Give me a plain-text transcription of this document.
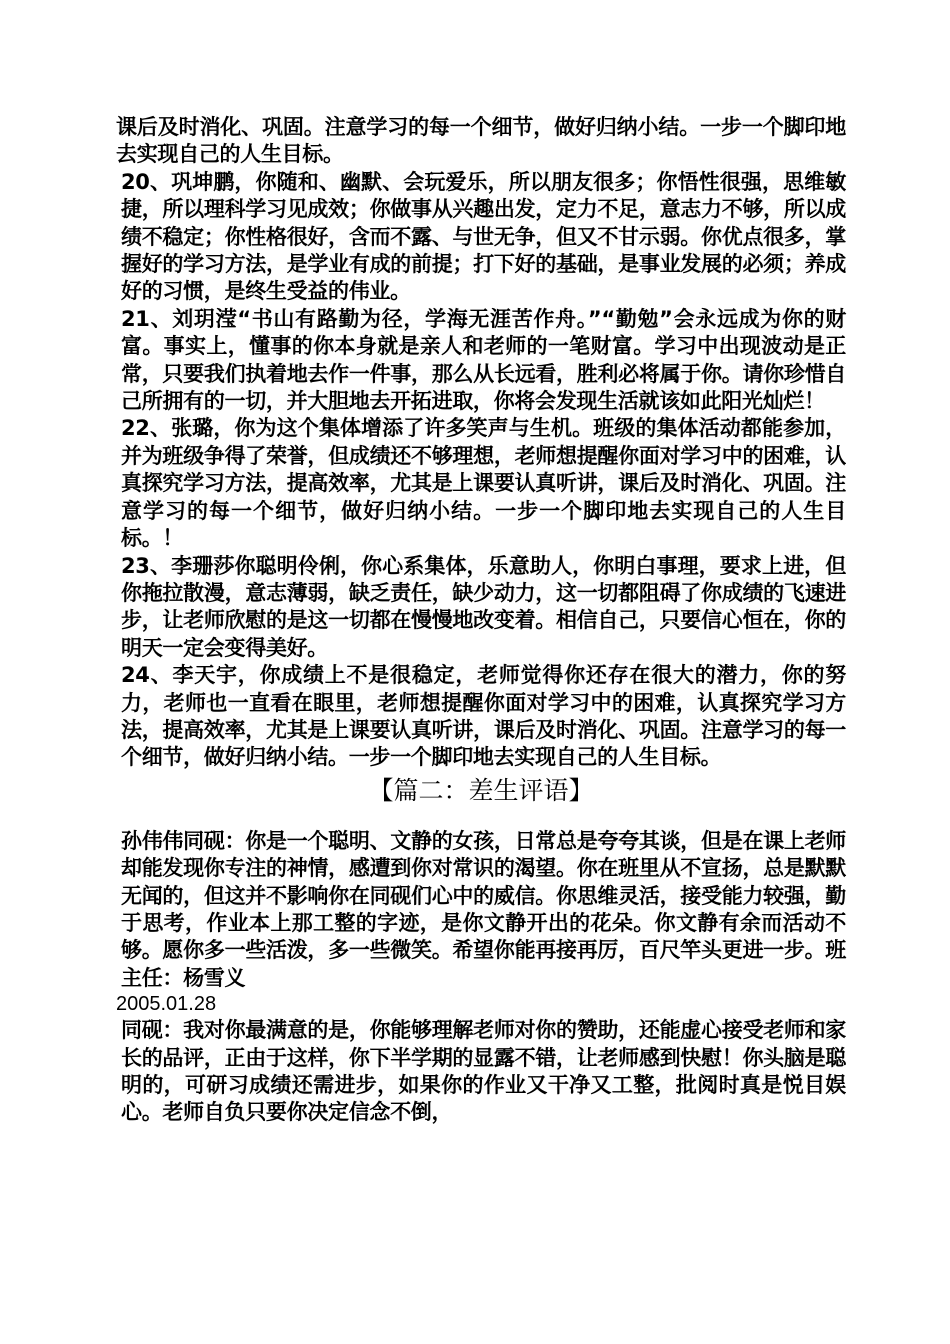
课后及时消化、巩固。注意学习的每一个细节，做好归纳小结。一步一个脚印地去实现自己的人生目标。

20、巩坤鹏，你随和、幽默、会玩爱乐，所以朋友很多；你悟性很强，思维敏捷，所以理科学习见成效；你做事从兴趣出发，定力不足，意志力不够，所以成绩不稳定；你性格很好，含而不露、与世无争，但又不甘示弱。你优点很多，掌握好的学习方法，是学业有成的前提；打下好的基础，是事业发展的必须；养成好的习惯，是终生受益的伟业。

21、刘玥滢“书山有路勤为径，学海无涯苦作舟。”“勤勉”会永远成为你的财富。事实上，懂事的你本身就是亲人和老师的一笔财富。学习中出现波动是正常，只要我们执着地去作一件事，那么从长远看，胜利必将属于你。请你珍惜自己所拥有的一切，并大胆地去开拓进取，你将会发现生活就该如此阳光灿烂！

22、张璐，你为这个集体增添了许多笑声与生机。班级的集体活动都能参加，并为班级争得了荣誉，但成绩还不够理想，老师想提醒你面对学习中的困难，认真探究学习方法，提高效率，尤其是上课要认真听讲，课后及时消化、巩固。注意学习的每一个细节，做好归纳小结。一步一个脚印地去实现自己的人生目标。！

23、李珊莎你聪明伶俐，你心系集体，乐意助人，你明白事理，要求上进，但你拖拉散漫，意志薄弱，缺乏责任，缺少动力，这一切都阻碍了你成绩的飞速进步，让老师欣慰的是这一切都在慢慢地改变着。相信自己，只要信心恒在，你的明天一定会变得美好。

24、李天宇，你成绩上不是很稳定，老师觉得你还存在很大的潜力，你的努力，老师也一直看在眼里，老师想提醒你面对学习中的困难，认真探究学习方法，提高效率，尤其是上课要认真听讲，课后及时消化、巩固。注意学习的每一个细节，做好归纳小结。一步一个脚印地去实现自己的人生目标。

【篇二：差生评语】

孙伟伟同砚：你是一个聪明、文静的女孩，日常总是夸夸其谈，但是在课上老师却能发现你专注的神情，感遭到你对常识的渴望。你在班里从不宣扬，总是默默无闻的，但这并不影响你在同砚们心中的威信。你思维灵活，接受能力较强，勤于思考，作业本上那工整的字迹，是你文静开出的花朵。你文静有余而活动不够。愿你多一些活泼，多一些微笑。希望你能再接再厉，百尺竿头更进一步。班主任：杨雪义

2005.01.28

同砚：我对你最满意的是，你能够理解老师对你的赞助，还能虚心接受老师和家长的品评，正由于这样，你下半学期的显露不错，让老师感到快慰！你头脑是聪明的，可研习成绩还需进步，如果你的作业又干净又工整，批阅时真是悦目娱心。老师自负只要你决定信念不倒，
